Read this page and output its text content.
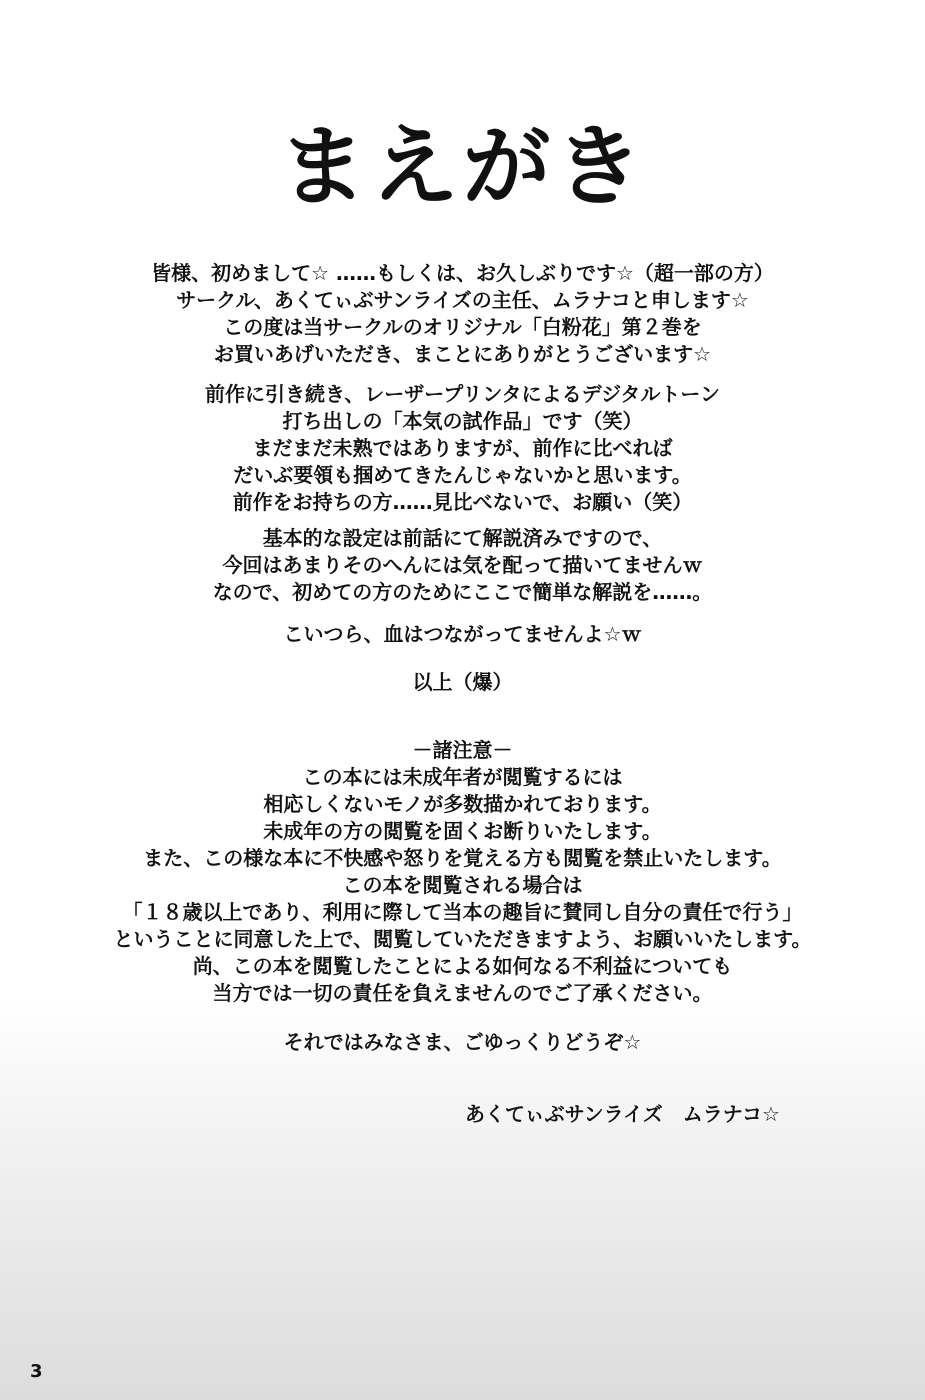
まえがき
皆様、初めまして☆ ……もしくは、お久しぶりです☆（超一部の方）
サークル、あくてぃぶサンライズの主任、ムラナコと申します☆
この度は当サークルのオリジナル「白粉花」第２巻を
お買いあげいただき、まことにありがとうございます☆
前作に引き続き、レーザープリンタによるデジタルトーン
打ち出しの「本気の試作品」です（笑）
まだまだ未熟ではありますが、前作に比べれば
だいぶ要領も掴めてきたんじゃないかと思います。
前作をお持ちの方……見比べないで、お願い（笑）
基本的な設定は前話にて解説済みですので、
今回はあまりそのへんには気を配って描いてませんｗ
なので、初めての方のためにここで簡単な解説を……。
こいつら、血はつながってませんよ☆ｗ
以上（爆）
－諸注意－
この本には未成年者が閲覧するには
相応しくないモノが多数描かれております。
未成年の方の閲覧を固くお断りいたします。
また、この様な本に不快感や怒りを覚える方も閲覧を禁止いたします。
この本を閲覧される場合は
「１８歳以上であり、利用に際して当本の趣旨に賛同し自分の責任で行う」
ということに同意した上で、閲覧していただきますよう、お願いいたします。
尚、この本を閲覧したことによる如何なる不利益についても
当方では一切の責任を負えませんのでご了承ください。
それではみなさま、ごゆっくりどうぞ☆
あくてぃぶサンライズ　ムラナコ☆
3
